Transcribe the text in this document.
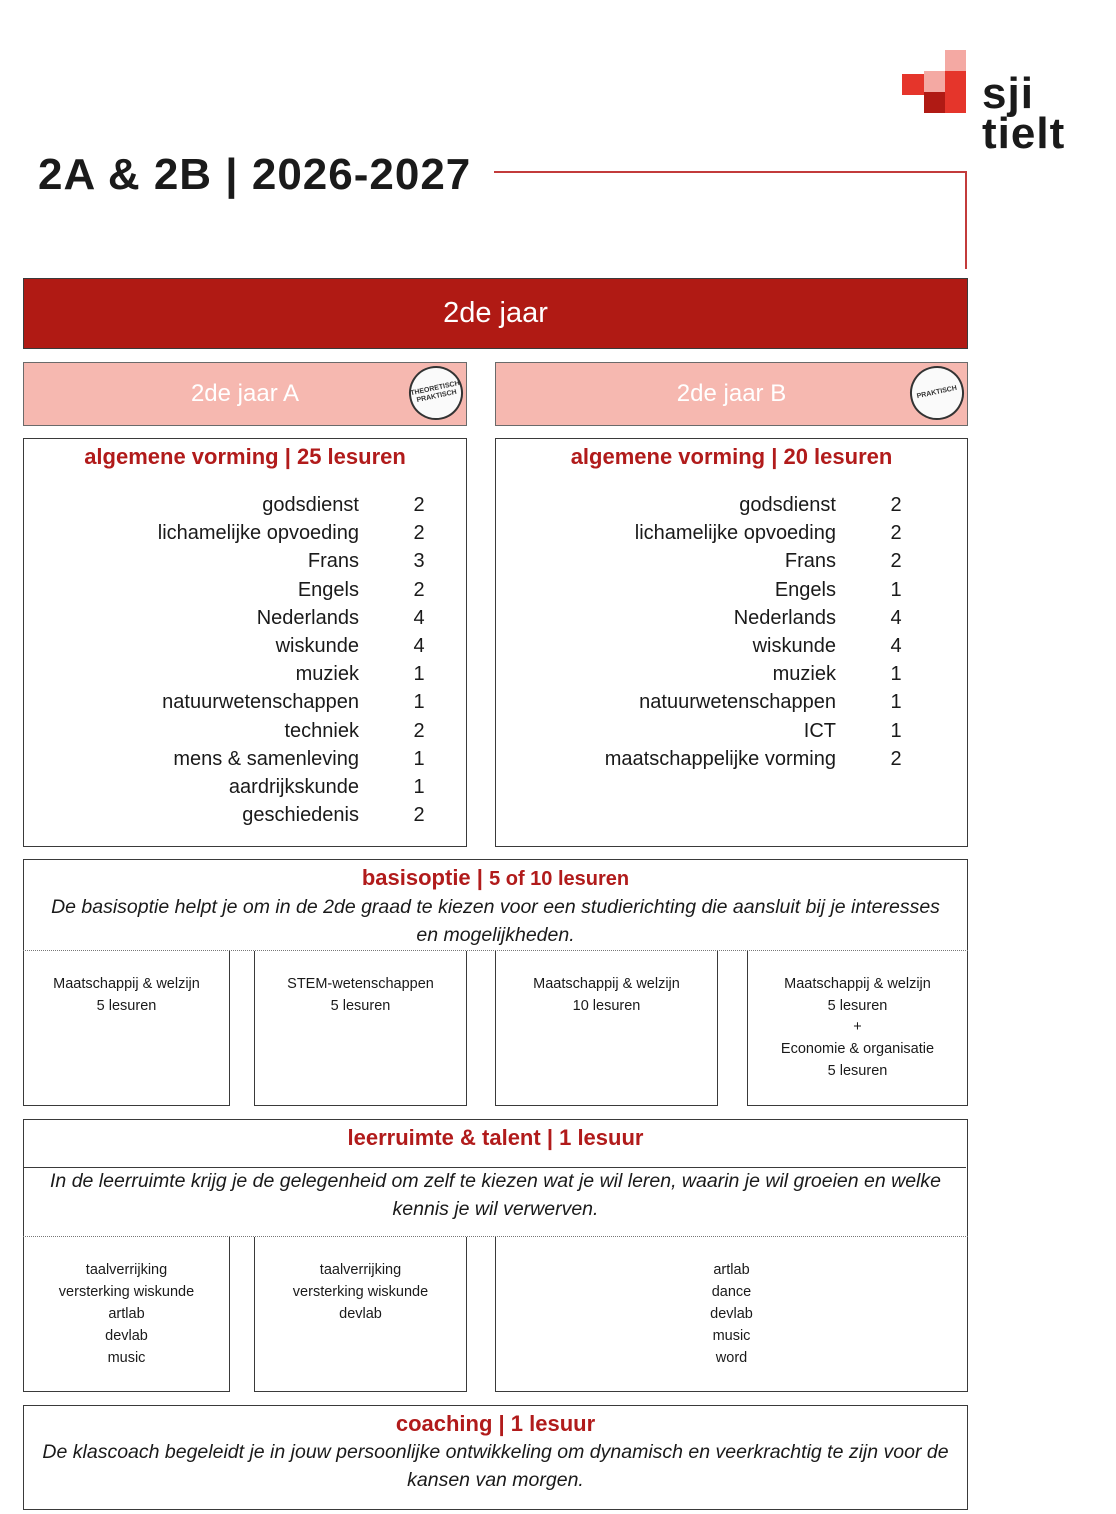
2A & 2B | 2026-2027
sji
tielt
2de jaar
2de jaar A	THEORETISCH PRAKTISCH	2de jaar B	PRAKTISCH
algemene vorming | 25 lesuren
godsdienst	2
lichamelijke opvoeding	2
Frans	3
Engels	2
Nederlands	4
wiskunde	4
muziek	1
natuurwetenschappen	1
techniek	2
mens & samenleving	1
aardrijkskunde	1
geschiedenis	2
algemene vorming | 20 lesuren
godsdienst	2
lichamelijke opvoeding	2
Frans	2
Engels	1
Nederlands	4
wiskunde	4
muziek	1
natuurwetenschappen	1
ICT	1
maatschappelijke vorming	2
basisoptie | 5 of 10 lesuren
De basisoptie helpt je om in de 2de graad te kiezen voor een studierichting die aansluit bij je interesses en mogelijkheden.
Maatschappij & welzijn
5 lesuren
STEM-wetenschappen
5 lesuren
Maatschappij & welzijn
10 lesuren
Maatschappij & welzijn
5 lesuren
+
Economie & organisatie
5 lesuren
leerruimte & talent | 1 lesuur
In de leerruimte krijg je de gelegenheid om zelf te kiezen wat je wil leren, waarin je wil groeien en welke kennis je wil verwerven.
taalverrijking
versterking wiskunde
artlab
devlab
music
taalverrijking
versterking wiskunde
devlab
artlab
dance
devlab
music
word
coaching | 1 lesuur
De klascoach begeleidt je in jouw persoonlijke ontwikkeling om dynamisch en veerkrachtig te zijn voor de kansen van morgen.
